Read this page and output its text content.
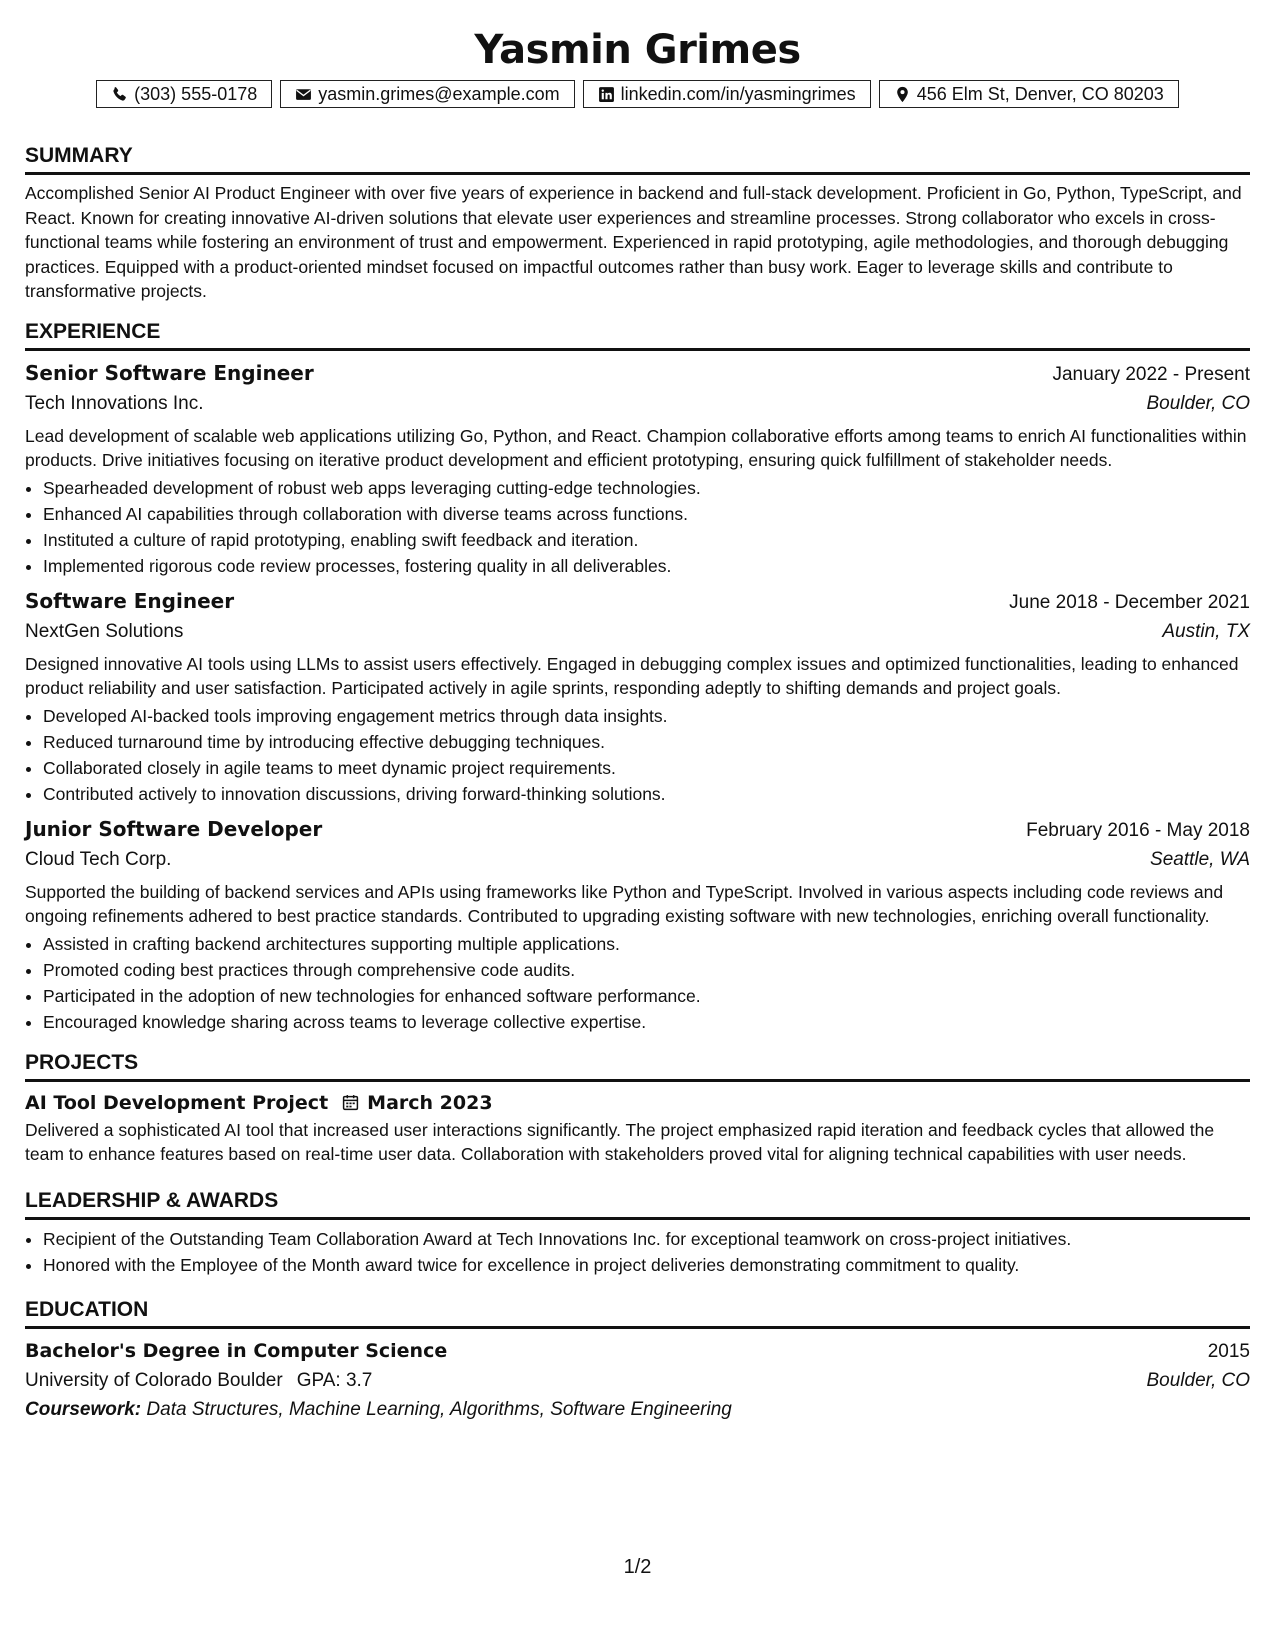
Yasmin Grimes
(303) 555-0178	yasmin.grimes@example.com	linkedin.com/in/yasmingrimes	456 Elm St, Denver, CO 80203
SUMMARY
Accomplished Senior AI Product Engineer with over five years of experience in backend and full-stack development. Proficient in Go, Python, TypeScript, and React. Known for creating innovative AI-driven solutions that elevate user experiences and streamline processes. Strong collaborator who excels in cross-functional teams while fostering an environment of trust and empowerment. Experienced in rapid prototyping, agile methodologies, and thorough debugging practices. Equipped with a product-oriented mindset focused on impactful outcomes rather than busy work. Eager to leverage skills and contribute to transformative projects.
EXPERIENCE
Senior Software Engineer	January 2022 - Present
Tech Innovations Inc.	Boulder, CO
Lead development of scalable web applications utilizing Go, Python, and React. Champion collaborative efforts among teams to enrich AI functionalities within products. Drive initiatives focusing on iterative product development and efficient prototyping, ensuring quick fulfillment of stakeholder needs.
• Spearheaded development of robust web apps leveraging cutting-edge technologies.
• Enhanced AI capabilities through collaboration with diverse teams across functions.
• Instituted a culture of rapid prototyping, enabling swift feedback and iteration.
• Implemented rigorous code review processes, fostering quality in all deliverables.
Software Engineer	June 2018 - December 2021
NextGen Solutions	Austin, TX
Designed innovative AI tools using LLMs to assist users effectively. Engaged in debugging complex issues and optimized functionalities, leading to enhanced product reliability and user satisfaction. Participated actively in agile sprints, responding adeptly to shifting demands and project goals.
• Developed AI-backed tools improving engagement metrics through data insights.
• Reduced turnaround time by introducing effective debugging techniques.
• Collaborated closely in agile teams to meet dynamic project requirements.
• Contributed actively to innovation discussions, driving forward-thinking solutions.
Junior Software Developer	February 2016 - May 2018
Cloud Tech Corp.	Seattle, WA
Supported the building of backend services and APIs using frameworks like Python and TypeScript. Involved in various aspects including code reviews and ongoing refinements adhered to best practice standards. Contributed to upgrading existing software with new technologies, enriching overall functionality.
• Assisted in crafting backend architectures supporting multiple applications.
• Promoted coding best practices through comprehensive code audits.
• Participated in the adoption of new technologies for enhanced software performance.
• Encouraged knowledge sharing across teams to leverage collective expertise.
PROJECTS
AI Tool Development Project March 2023
Delivered a sophisticated AI tool that increased user interactions significantly. The project emphasized rapid iteration and feedback cycles that allowed the team to enhance features based on real-time user data. Collaboration with stakeholders proved vital for aligning technical capabilities with user needs.
LEADERSHIP & AWARDS
• Recipient of the Outstanding Team Collaboration Award at Tech Innovations Inc. for exceptional teamwork on cross-project initiatives.
• Honored with the Employee of the Month award twice for excellence in project deliveries demonstrating commitment to quality.
EDUCATION
Bachelor's Degree in Computer Science	2015
University of Colorado Boulder GPA: 3.7	Boulder, CO
Coursework: Data Structures, Machine Learning, Algorithms, Software Engineering
1/2
